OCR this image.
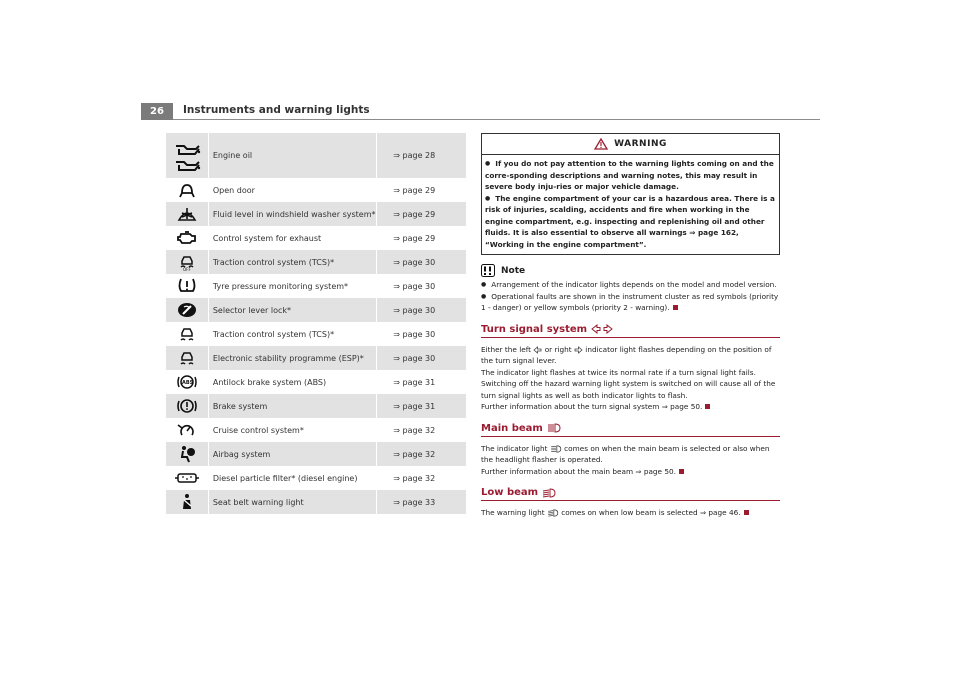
26	Instruments and warning lights
Engine oil	⇒ page 28
Open door	⇒ page 29
Fluid level in windshield washer system*	⇒ page 29
Control system for exhaust	⇒ page 29
OFF
Traction control system (TCS)*	⇒ page 30
Tyre pressure monitoring system*	⇒ page 30
Selector lever lock*	⇒ page 30
Traction control system (TCS)*	⇒ page 30
Electronic stability programme (ESP)*	⇒ page 30
ABS	Antilock brake system (ABS)	⇒ page 31
Brake system	⇒ page 31
Cruise control system*	⇒ page 32
Airbag system	⇒ page 32
Diesel particle filter* (diesel engine)	⇒ page 32
Seat belt warning light	⇒ page 33
WARNING
● If you do not pay attention to the warning lights coming on and the corre-sponding descriptions and warning notes, this may result in severe body inju-ries or major vehicle damage.
● The engine compartment of your car is a hazardous area. There is a risk of injuries, scalding, accidents and fire when working in the engine compartment, e.g. inspecting and replenishing oil and other fluids. It is also essential to observe all warnings ⇒ page 162, “Working in the engine compartment”.
Note
● Arrangement of the indicator lights depends on the model and model version.
● Operational faults are shown in the instrument cluster as red symbols (priority 1 - danger) or yellow symbols (priority 2 - warning).
Turn signal system

Either the left or right indicator light flashes depending on the position of the turn signal lever.

The indicator light flashes at twice its normal rate if a turn signal light fails.

Switching off the hazard warning light system is switched on will cause all of the turn signal lights as well as both indicator lights to flash.

Further information about the turn signal system ⇒ page 50.

Main beam

The indicator light comes on when the main beam is selected or also when the headlight flasher is operated.

Further information about the main beam ⇒ page 50.

Low beam

The warning light comes on when low beam is selected ⇒ page 46.
